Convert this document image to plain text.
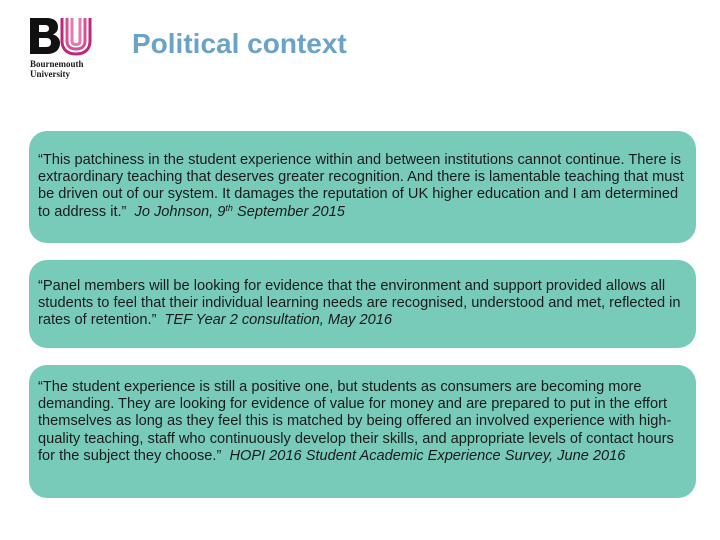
Bournemouth
University
Political context

“This patchiness in the student experience within and between institutions cannot continue. There is extraordinary teaching that deserves greater recognition. And there is lamentable teaching that must be driven out of our system. It damages the reputation of UK higher education and I am determined to address it.” Jo Johnson, 9th September 2015

“Panel members will be looking for evidence that the environment and support provided allows all students to feel that their individual learning needs are recognised, understood and met, reflected in rates of retention.” TEF Year 2 consultation, May 2016

“The student experience is still a positive one, but students as consumers are becoming more demanding. They are looking for evidence of value for money and are prepared to put in the effort themselves as long as they feel this is matched by being offered an involved experience with high-quality teaching, staff who continuously develop their skills, and appropriate levels of contact hours for the subject they choose.” HOPI 2016 Student Academic Experience Survey, June 2016
